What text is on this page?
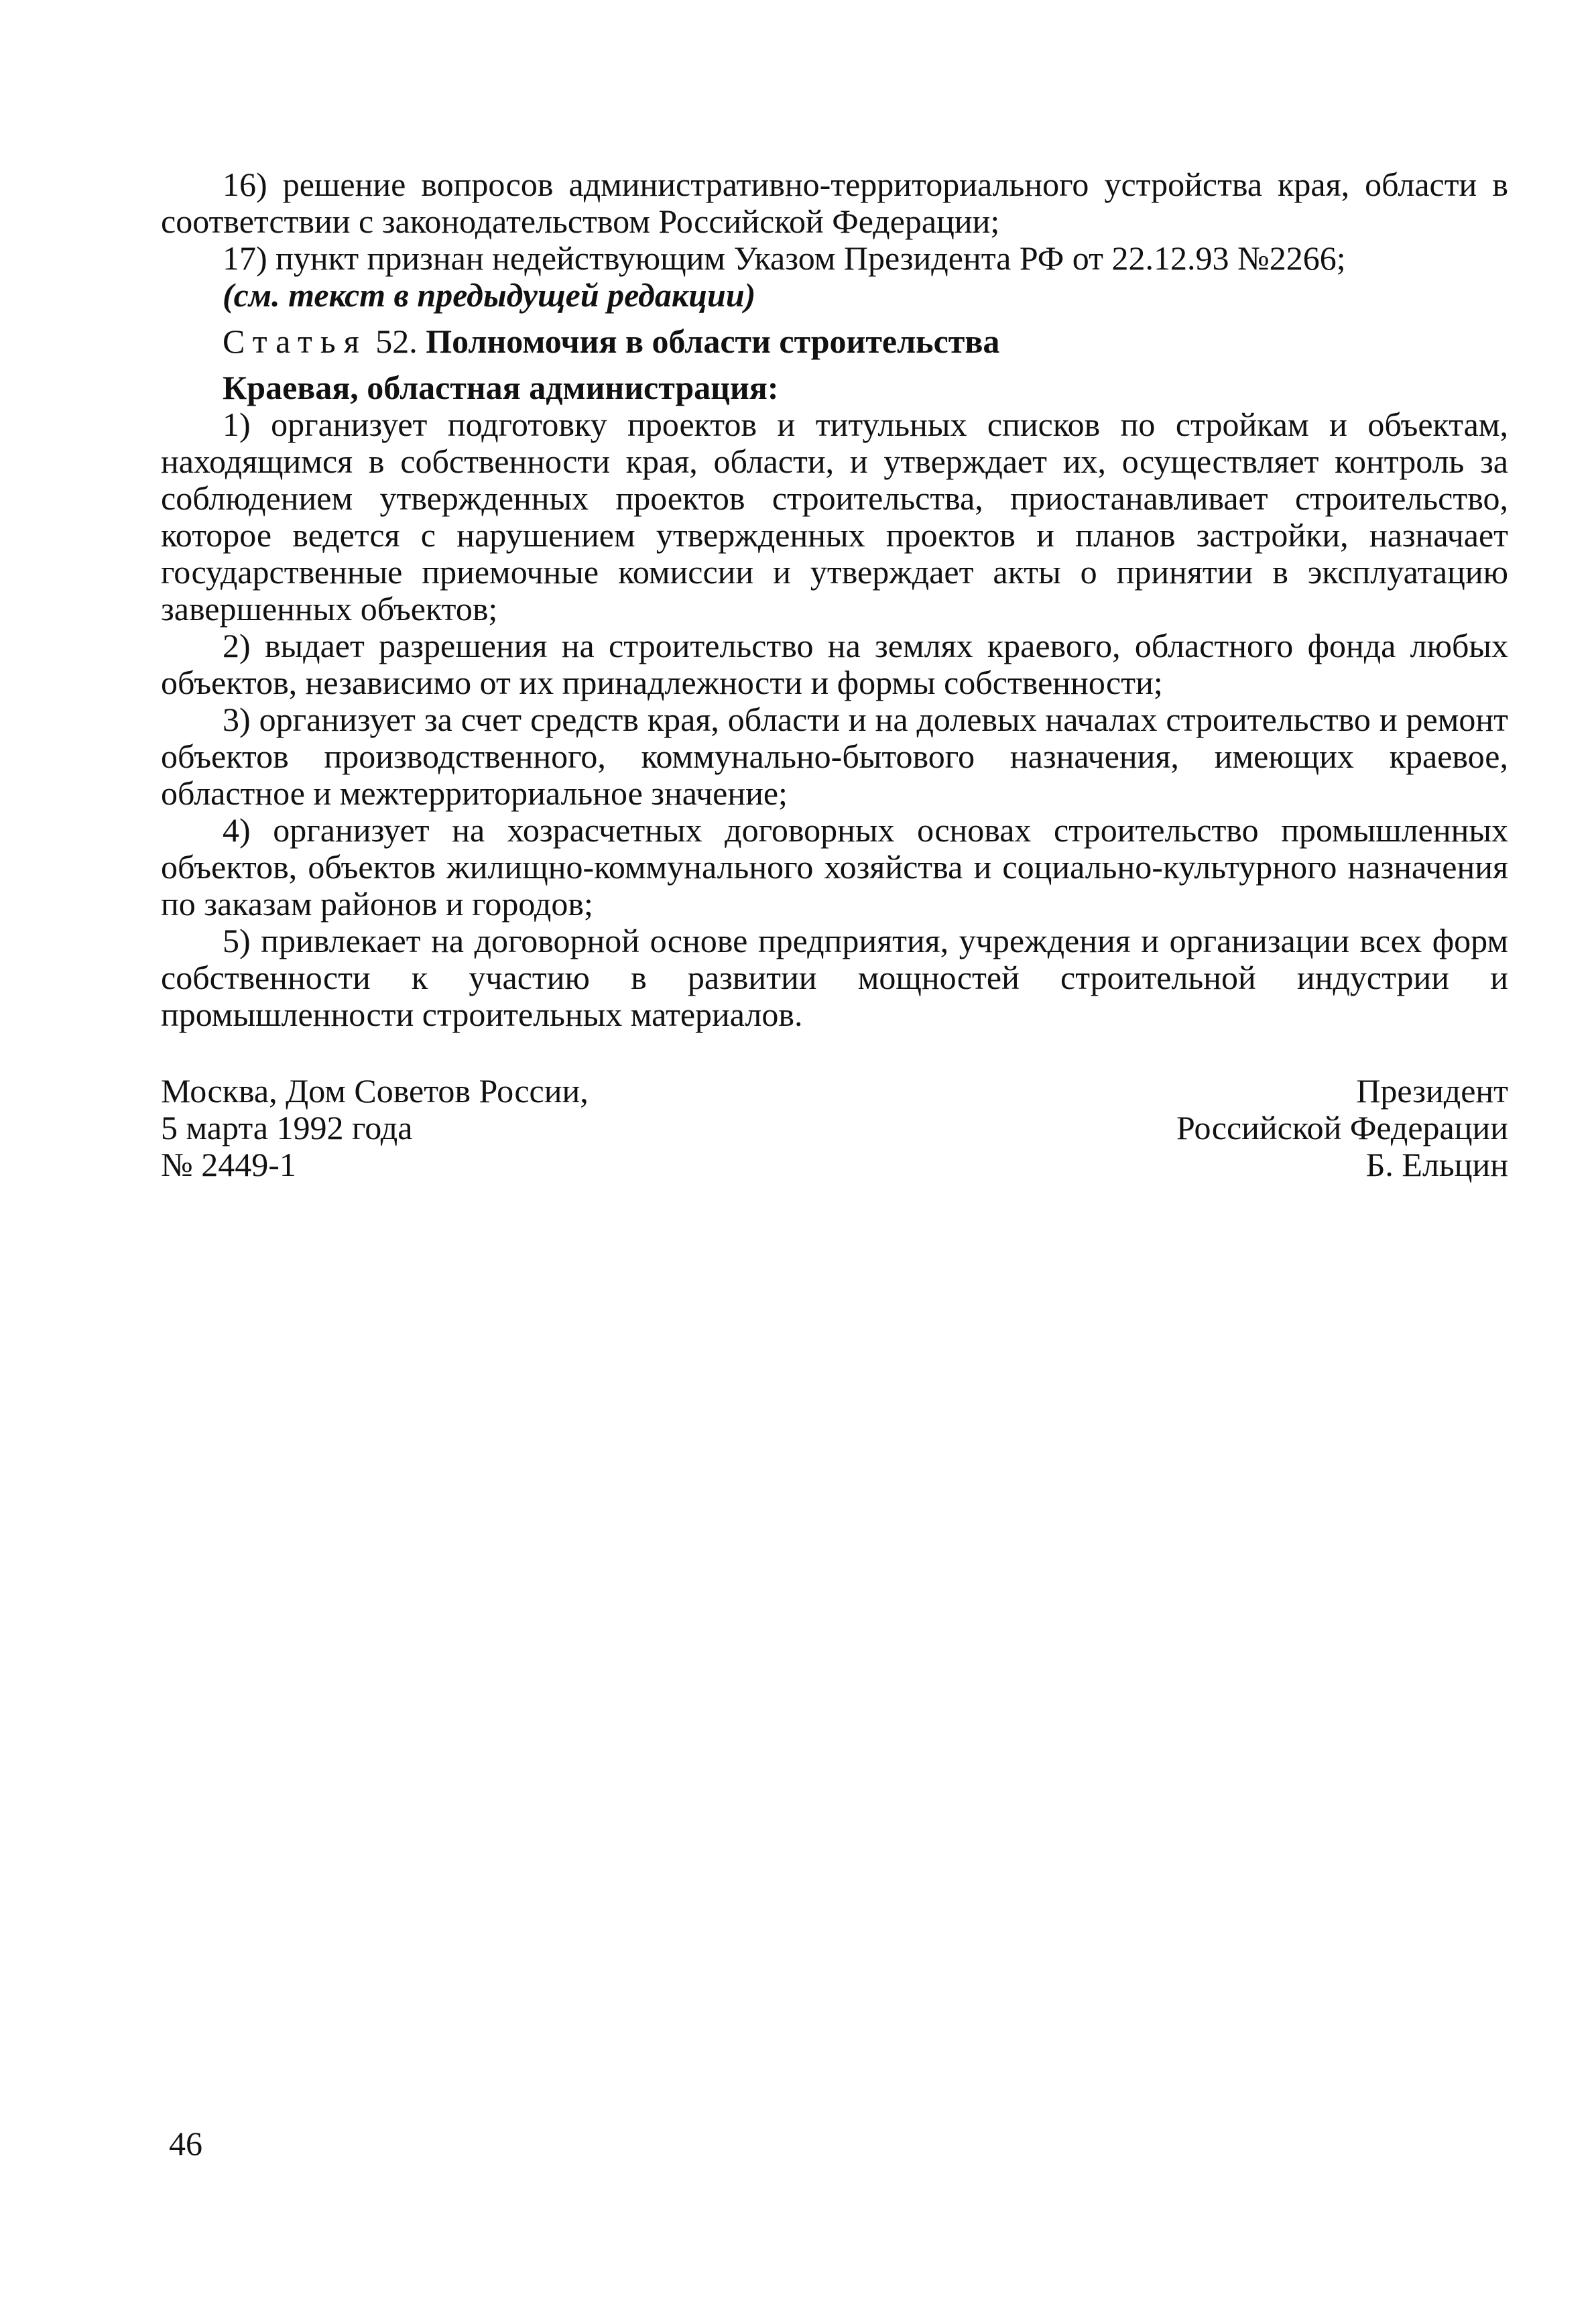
16) решение вопросов административно-территориального устройства края, области в соответствии с законодательством Российской Федерации;

17) пункт признан недействующим Указом Президента РФ от 22.12.93 №2266;

(см. текст в предыдущей редакции)

Статья 52. Полномочия в области строительства

Краевая, областная администрация:

1) организует подготовку проектов и титульных списков по стройкам и объектам, находящимся в собственности края, области, и утверждает их, осуществляет контроль за соблюдением утвержденных проектов строительства, приостанавливает строительство, которое ведется с нарушением утвержденных проектов и планов застройки, назначает государственные приемочные комиссии и утверждает акты о принятии в эксплуатацию завершенных объектов;

2) выдает разрешения на строительство на землях краевого, областного фонда любых объектов, независимо от их принадлежности и формы собственности;

3) организует за счет средств края, области и на долевых началах строительство и ремонт объектов производственного, коммунально-бытового назначения, имеющих краевое, областное и межтерриториальное значение;

4) организует на хозрасчетных договорных основах строительство промышленных объектов, объектов жилищно-коммунального хозяйства и социально-культурного назначения по заказам районов и городов;

5) привлекает на договорной основе предприятия, учреждения и организации всех форм собственности к участию в развитии мощностей строительной индустрии и промышленности строительных материалов.

Москва, Дом Советов России,
5 марта 1992 года
№ 2449-1
Президент
Российской Федерации
Б. Ельцин
46
